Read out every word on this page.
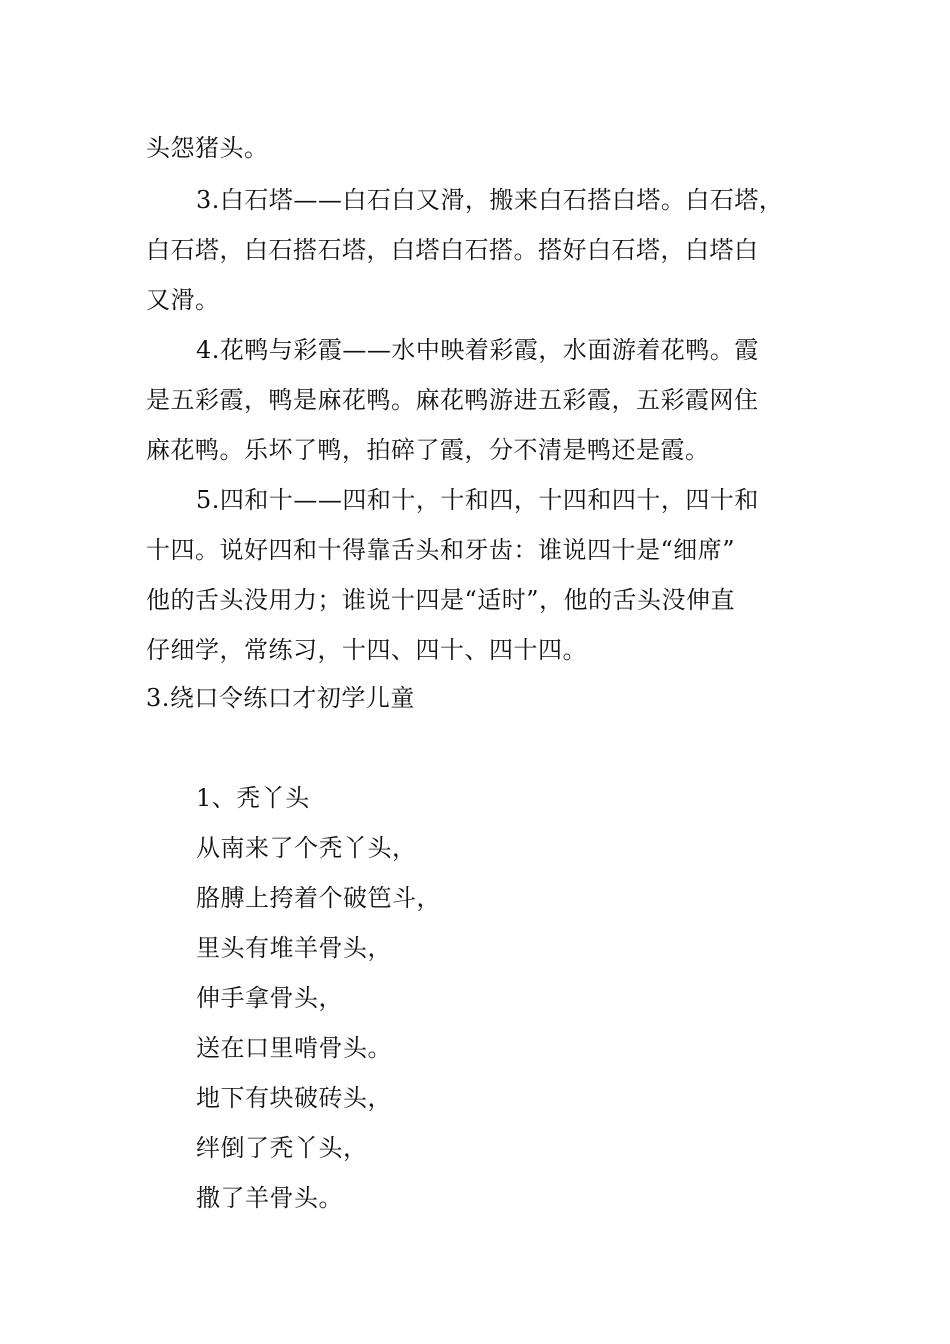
头怨猪头。
3.白石塔——白石白又滑，搬来白石搭白塔。白石塔，
白石塔，白石搭石塔，白塔白石搭。搭好白石塔，白塔白
又滑。
4.花鸭与彩霞——水中映着彩霞，水面游着花鸭。霞
是五彩霞，鸭是麻花鸭。麻花鸭游进五彩霞，五彩霞网住
麻花鸭。乐坏了鸭，拍碎了霞，分不清是鸭还是霞。
5.四和十——四和十，十和四，十四和四十，四十和
十四。说好四和十得靠舌头和牙齿：谁说四十是“细席”
他的舌头没用力；谁说十四是“适时”，他的舌头没伸直
仔细学，常练习，十四、四十、四十四。
3.绕口令练口才初学儿童
1、秃丫头
从南来了个秃丫头，
胳膊上挎着个破笆斗，
里头有堆羊骨头，
伸手拿骨头，
送在口里啃骨头。
地下有块破砖头，
绊倒了秃丫头，
撒了羊骨头。
